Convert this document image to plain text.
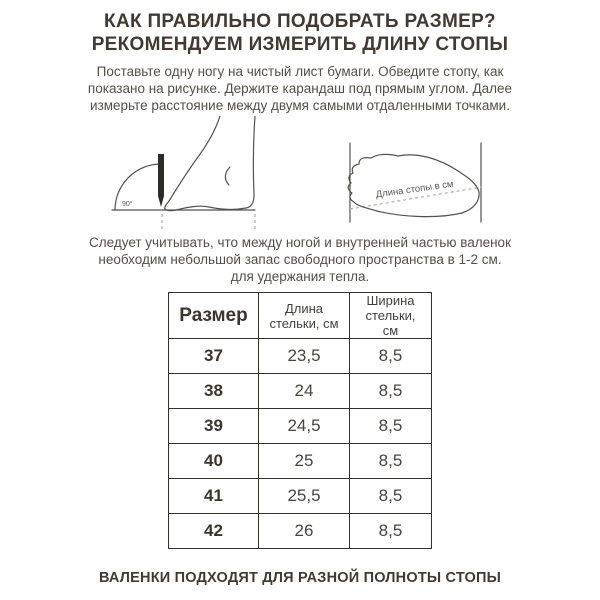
КАК ПРАВИЛЬНО ПОДОБРАТЬ РАЗМЕР?
РЕКОМЕНДУЕМ ИЗМЕРИТЬ ДЛИНУ СТОПЫ
Поставьте одну ногу на чистый лист бумаги. Обведите стопу, как
показано на рисунке. Держите карандаш под прямым углом. Далее
измерьте расстояние между двумя самыми отдаленными точками.
90°
Длина стопы в см
Следует учитывать, что между ногой и внутренней частью валенок
необходим небольшой запас свободного пространства в 1-2 см.
для удержания тепла.
Размер	Длина стельки, см	Ширина стельки, см
37	23,5	8,5
38	24	8,5
39	24,5	8,5
40	25	8,5
41	25,5	8,5
42	26	8,5
ВАЛЕНКИ ПОДХОДЯТ ДЛЯ РАЗНОЙ ПОЛНОТЫ СТОПЫ
